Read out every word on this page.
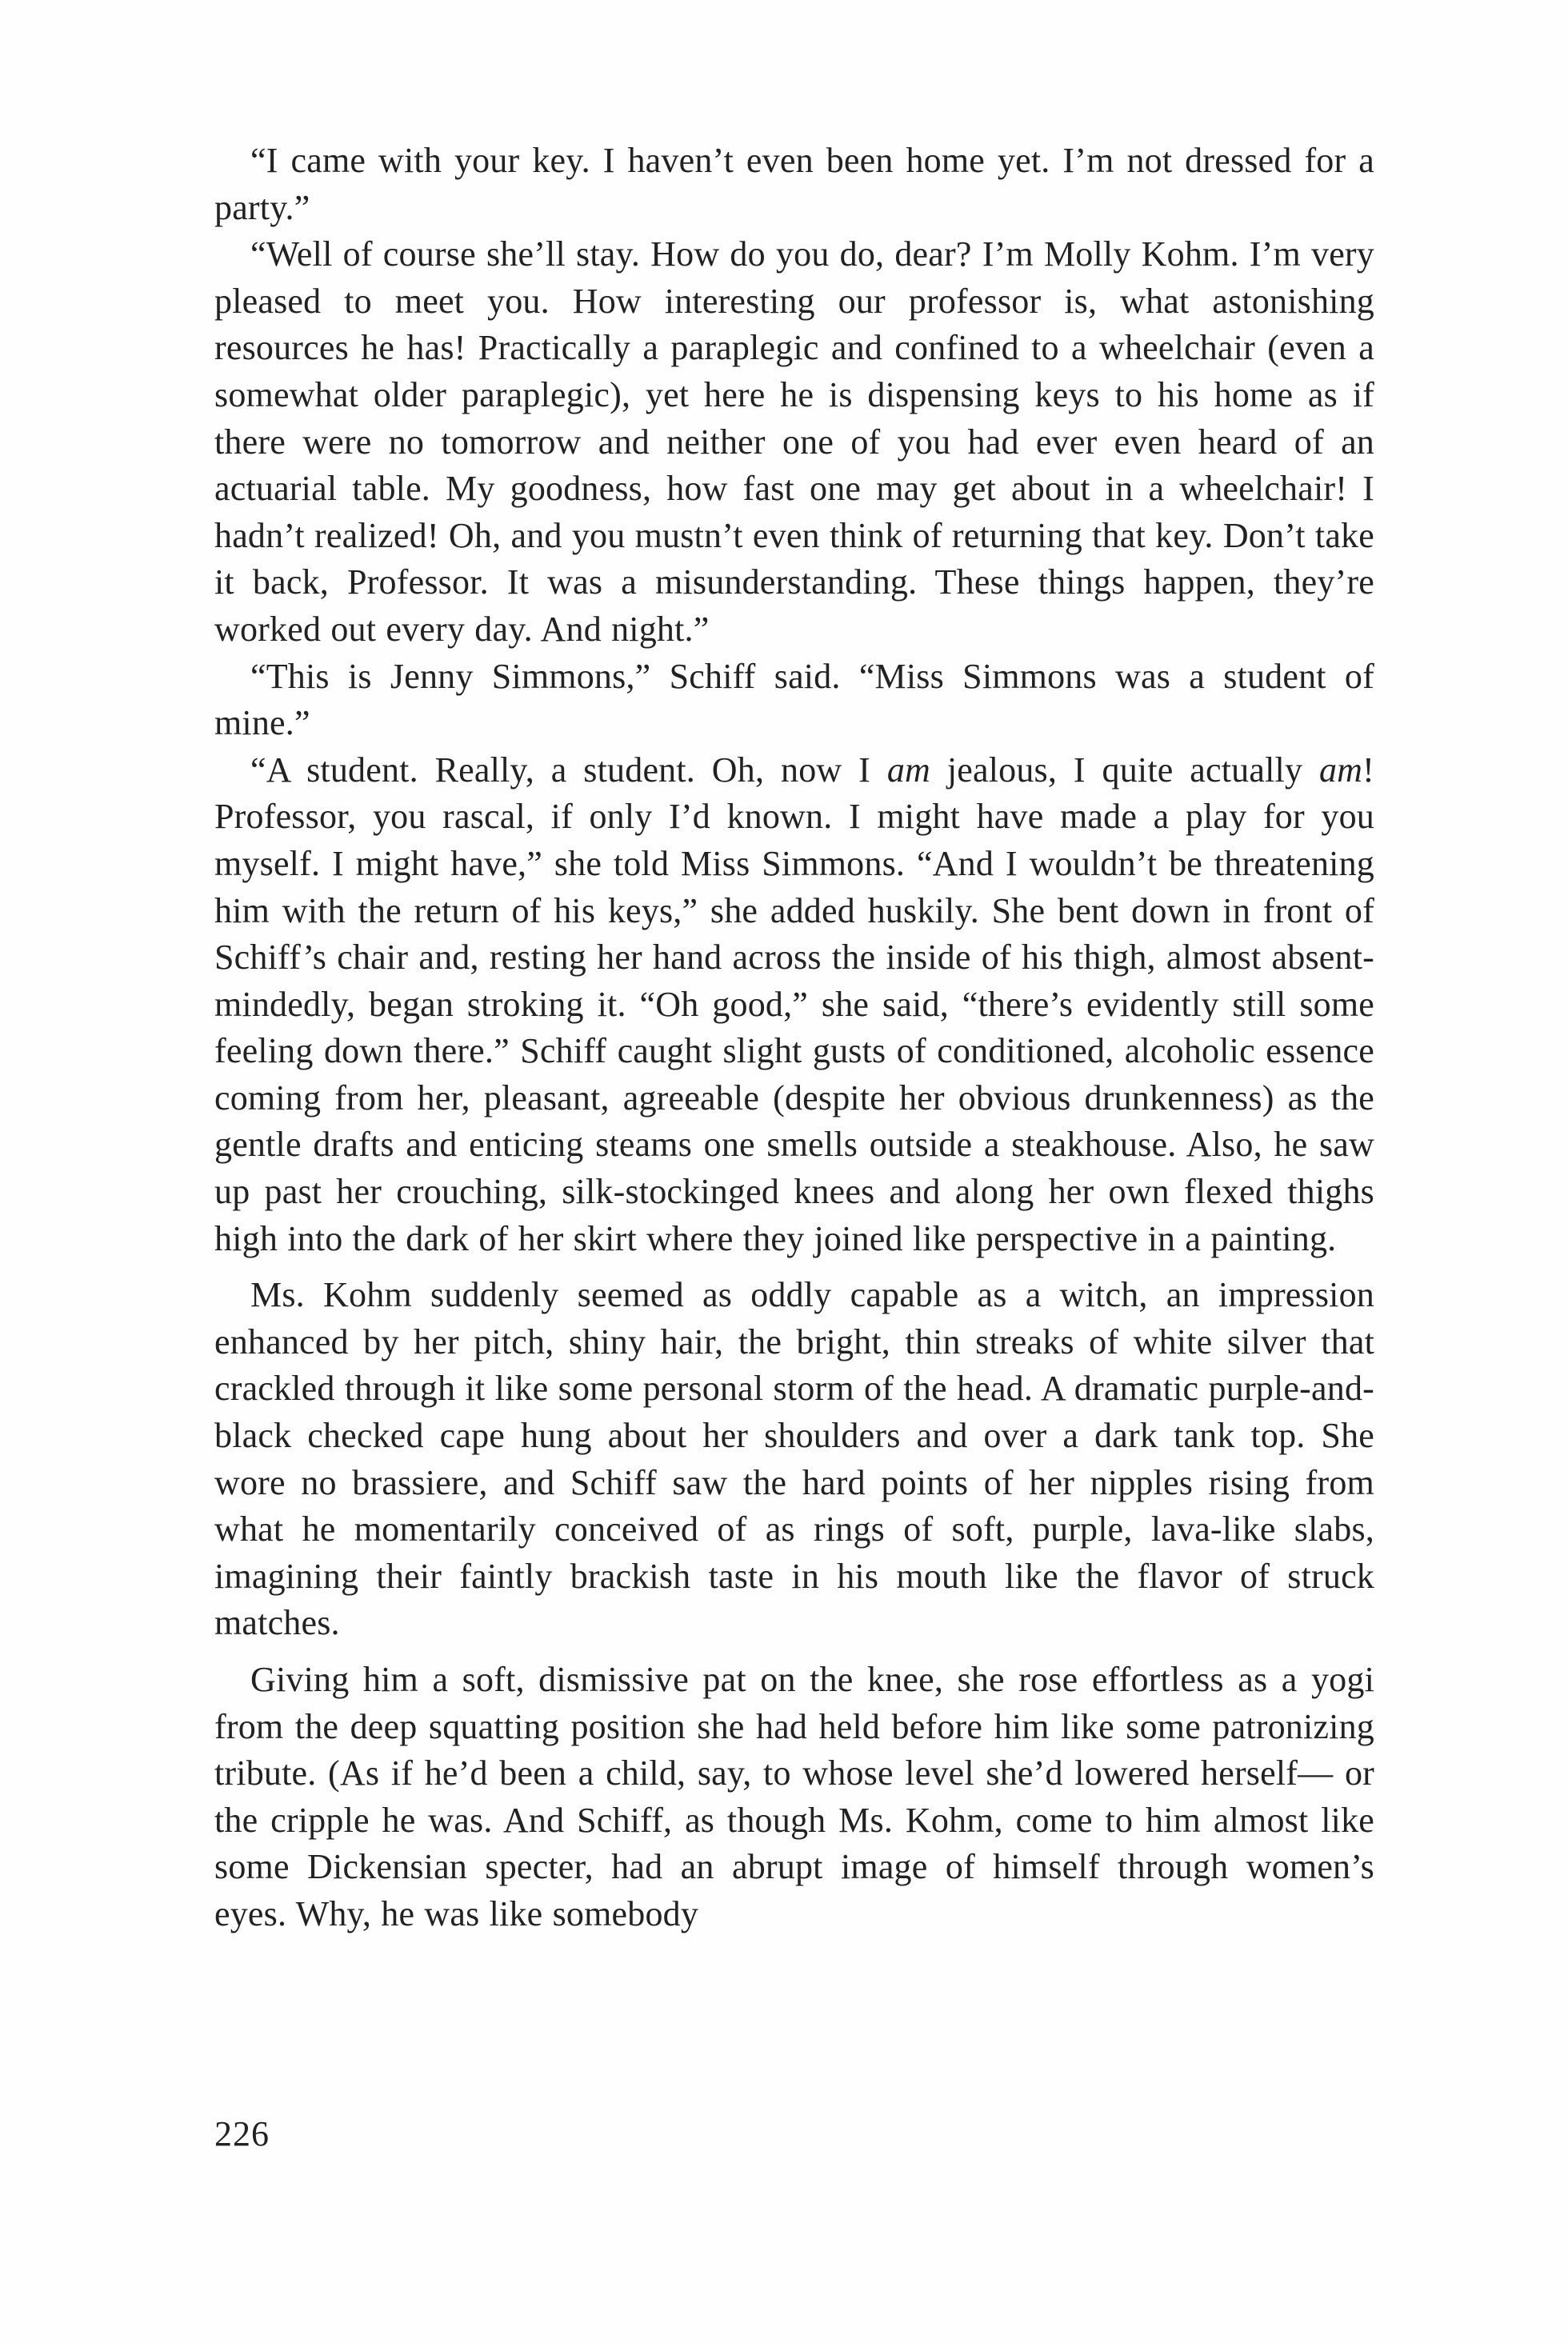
“I came with your key. I haven’t even been home yet. I’m not dressed for a party.”

“Well of course she’ll stay. How do you do, dear? I’m Molly Kohm. I’m very pleased to meet you. How interesting our professor is, what astonishing resources he has! Practically a paraplegic and confined to a wheelchair (even a somewhat older paraplegic), yet here he is dispensing keys to his home as if there were no tomorrow and neither one of you had ever even heard of an actuarial table. My goodness, how fast one may get about in a wheelchair! I hadn’t realized! Oh, and you mustn’t even think of returning that key. Don’t take it back, Professor. It was a misunderstanding. These things happen, they’re worked out every day. And night.”

“This is Jenny Simmons,” Schiff said. “Miss Simmons was a student of mine.”

“A student. Really, a student. Oh, now I am jealous, I quite actually am! Professor, you rascal, if only I’d known. I might have made a play for you myself. I might have,” she told Miss Simmons. “And I wouldn’t be threatening him with the return of his keys,” she added huskily. She bent down in front of Schiff’s chair and, resting her hand across the inside of his thigh, almost absent-mindedly, began stroking it. “Oh good,” she said, “there’s evidently still some feeling down there.” Schiff caught slight gusts of conditioned, alcoholic essence coming from her, pleasant, agreeable (despite her obvious drunkenness) as the gentle drafts and enticing steams one smells outside a steakhouse. Also, he saw up past her crouching, silk-stockinged knees and along her own flexed thighs high into the dark of her skirt where they joined like perspective in a painting.

Ms. Kohm suddenly seemed as oddly capable as a witch, an impression enhanced by her pitch, shiny hair, the bright, thin streaks of white silver that crackled through it like some personal storm of the head. A dramatic purple-and-black checked cape hung about her shoulders and over a dark tank top. She wore no brassiere, and Schiff saw the hard points of her nipples rising from what he momentarily conceived of as rings of soft, purple, lava-like slabs, imagining their faintly brackish taste in his mouth like the flavor of struck matches.

Giving him a soft, dismissive pat on the knee, she rose effortless as a yogi from the deep squatting position she had held before him like some patronizing tribute. (As if he’d been a child, say, to whose level she’d lowered herself— or the cripple he was. And Schiff, as though Ms. Kohm, come to him almost like some Dickensian specter, had an abrupt image of himself through women’s eyes. Why, he was like somebody

226
